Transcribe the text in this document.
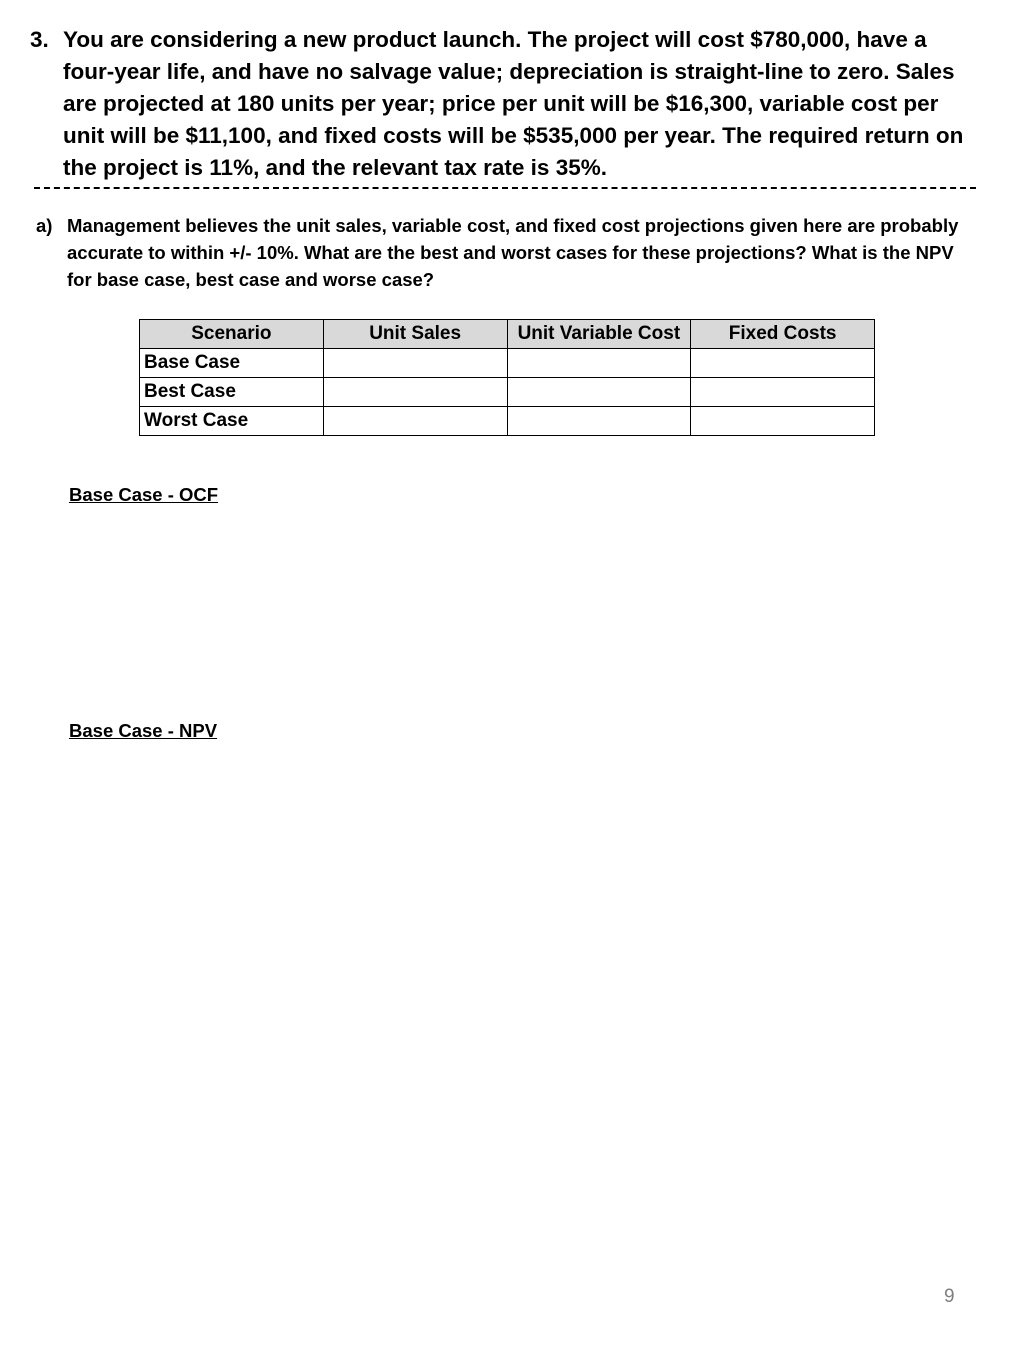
3. You are considering a new product launch. The project will cost $780,000, have a four-year life, and have no salvage value; depreciation is straight-line to zero. Sales are projected at 180 units per year; price per unit will be $16,300, variable cost per unit will be $11,100, and fixed costs will be $535,000 per year. The required return on the project is 11%, and the relevant tax rate is 35%.
a) Management believes the unit sales, variable cost, and fixed cost projections given here are probably accurate to within +/- 10%. What are the best and worst cases for these projections? What is the NPV for base case, best case and worse case?
Scenario	Unit Sales	Unit Variable Cost	Fixed Costs
Base Case			
Best Case			
Worst Case			
Base Case - OCF
Base Case - NPV
9
